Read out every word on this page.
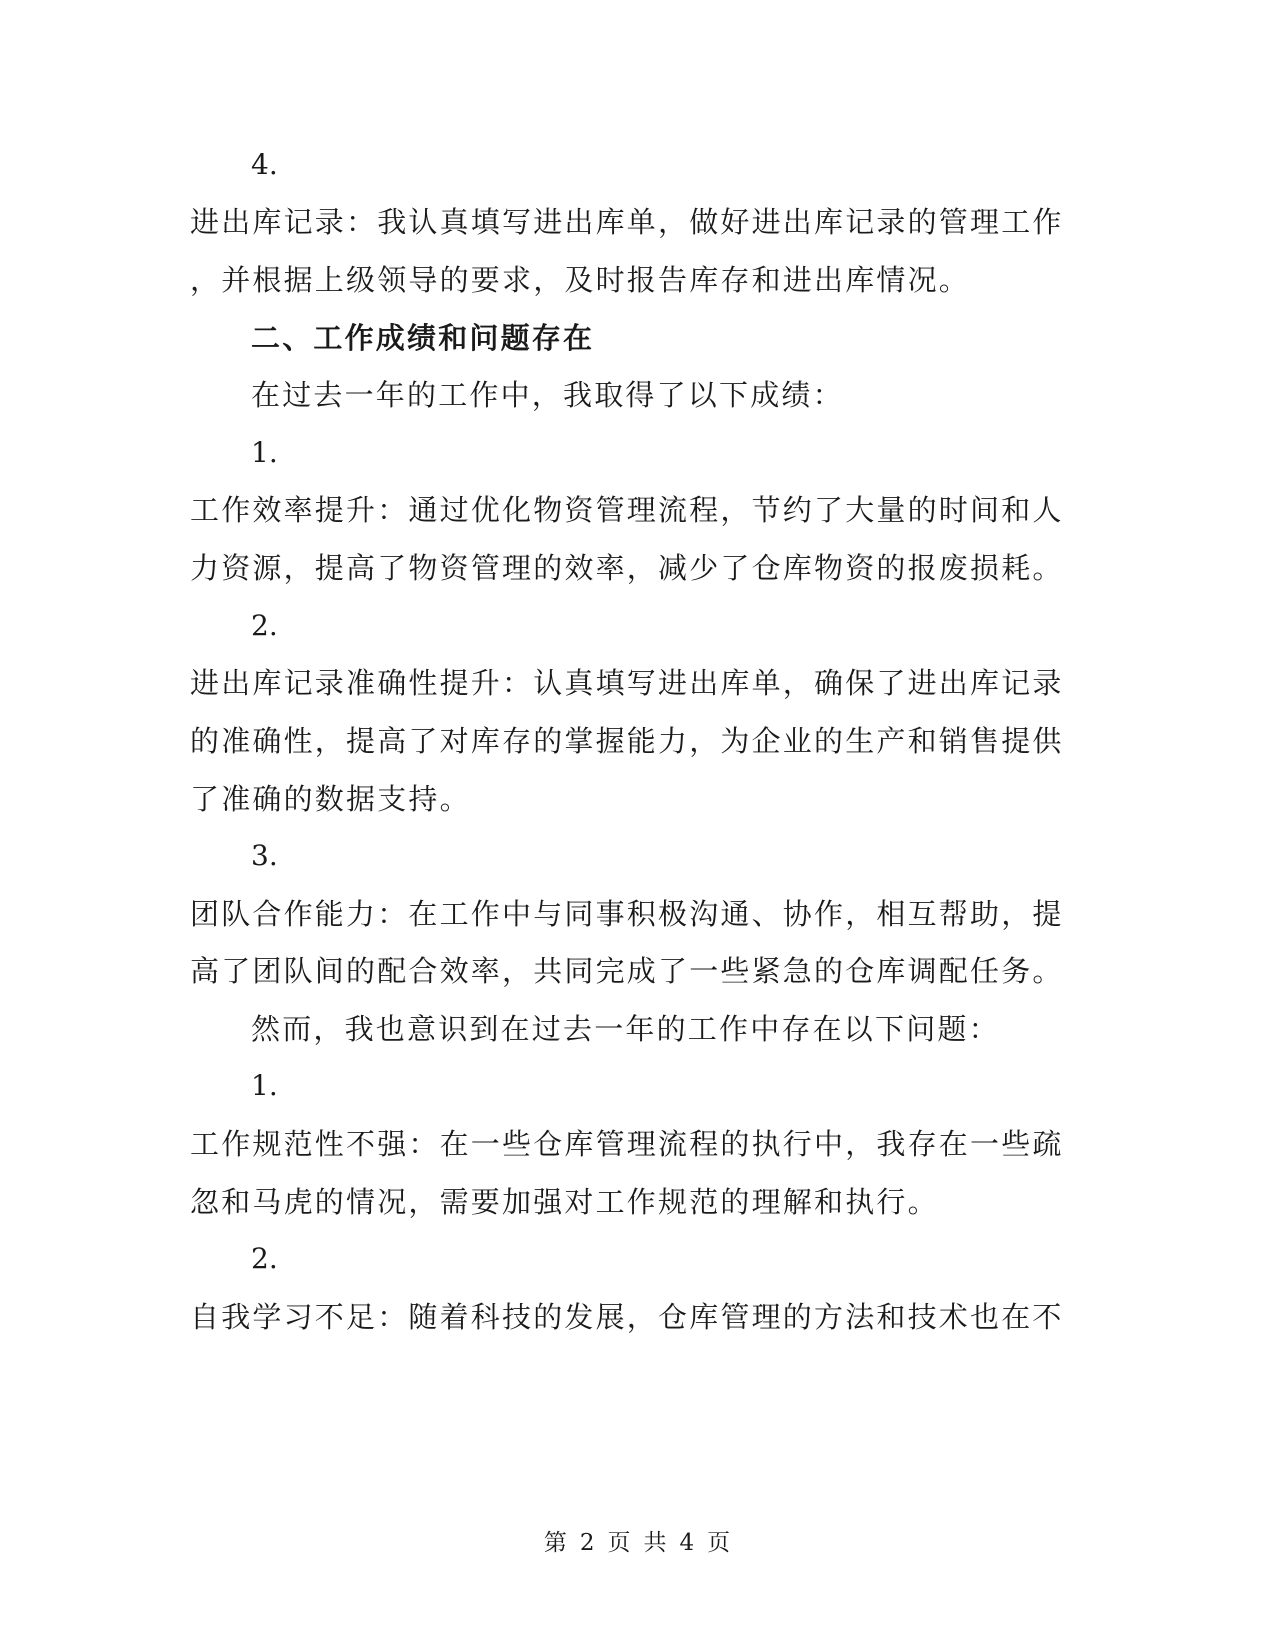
4.
进出库记录：我认真填写进出库单，做好进出库记录的管理工作
，并根据上级领导的要求，及时报告库存和进出库情况。
二、工作成绩和问题存在
在过去一年的工作中，我取得了以下成绩：
1.
工作效率提升：通过优化物资管理流程，节约了大量的时间和人
力资源，提高了物资管理的效率，减少了仓库物资的报废损耗。
2.
进出库记录准确性提升：认真填写进出库单，确保了进出库记录
的准确性，提高了对库存的掌握能力，为企业的生产和销售提供
了准确的数据支持。
3.
团队合作能力：在工作中与同事积极沟通、协作，相互帮助，提
高了团队间的配合效率，共同完成了一些紧急的仓库调配任务。
然而，我也意识到在过去一年的工作中存在以下问题：
1.
工作规范性不强：在一些仓库管理流程的执行中，我存在一些疏
忽和马虎的情况，需要加强对工作规范的理解和执行。
2.
自我学习不足：随着科技的发展，仓库管理的方法和技术也在不
第 2 页 共 4 页
